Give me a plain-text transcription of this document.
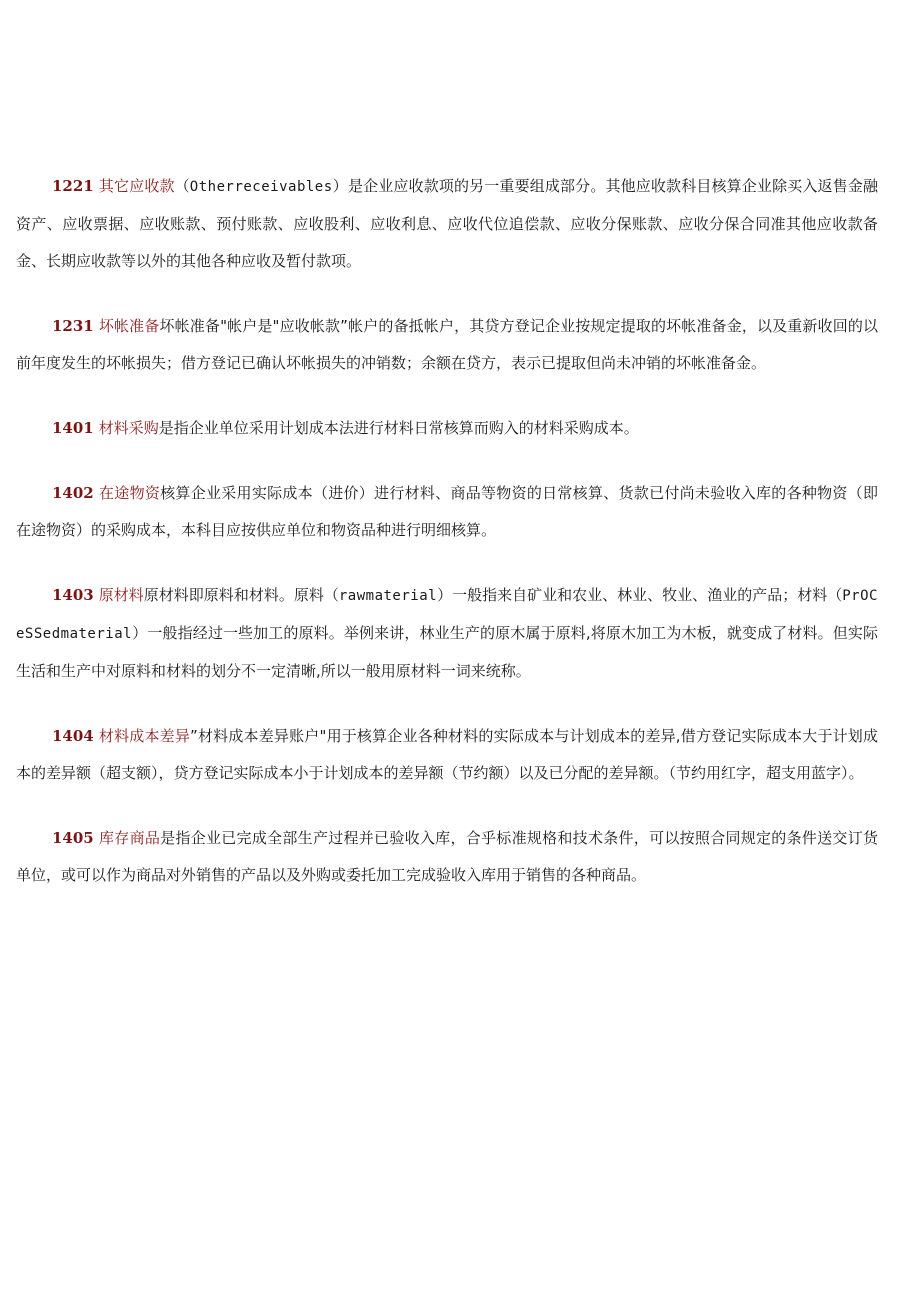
1221 其它应收款（Otherreceivables）是企业应收款项的另一重要组成部分。其他应收款科目核算企业除买入返售金融资产、应收票据、应收账款、预付账款、应收股利、应收利息、应收代位追偿款、应收分保账款、应收分保合同准其他应收款备金、长期应收款等以外的其他各种应收及暂付款项。

1231 坏帐准备坏帐准备"帐户是"应收帐款”帐户的备抵帐户，其贷方登记企业按规定提取的坏帐准备金，以及重新收回的以前年度发生的坏帐损失；借方登记已确认坏帐损失的冲销数；余额在贷方，表示已提取但尚未冲销的坏帐准备金。

1401 材料采购是指企业单位采用计划成本法进行材料日常核算而购入的材料采购成本。

1402 在途物资核算企业采用实际成本（进价）进行材料、商品等物资的日常核算、货款已付尚未验收入库的各种物资（即在途物资）的采购成本，本科目应按供应单位和物资品种进行明细核算。

1403 原材料原材料即原料和材料。原料（rawmaterial）一般指来自矿业和农业、林业、牧业、渔业的产品；材料（PrOCeSSedmaterial）一般指经过一些加工的原料。举例来讲，林业生产的原木属于原料,将原木加工为木板，就变成了材料。但实际生活和生产中对原料和材料的划分不一定清晰,所以一般用原材料一词来统称。

1404 材料成本差异”材料成本差异账户"用于核算企业各种材料的实际成本与计划成本的差异,借方登记实际成本大于计划成本的差异额（超支额），贷方登记实际成本小于计划成本的差异额（节约额）以及已分配的差异额。（节约用红字，超支用蓝字）。

1405 库存商品是指企业已完成全部生产过程并已验收入库，合乎标准规格和技术条件，可以按照合同规定的条件送交订货单位，或可以作为商品对外销售的产品以及外购或委托加工完成验收入库用于销售的各种商品。
